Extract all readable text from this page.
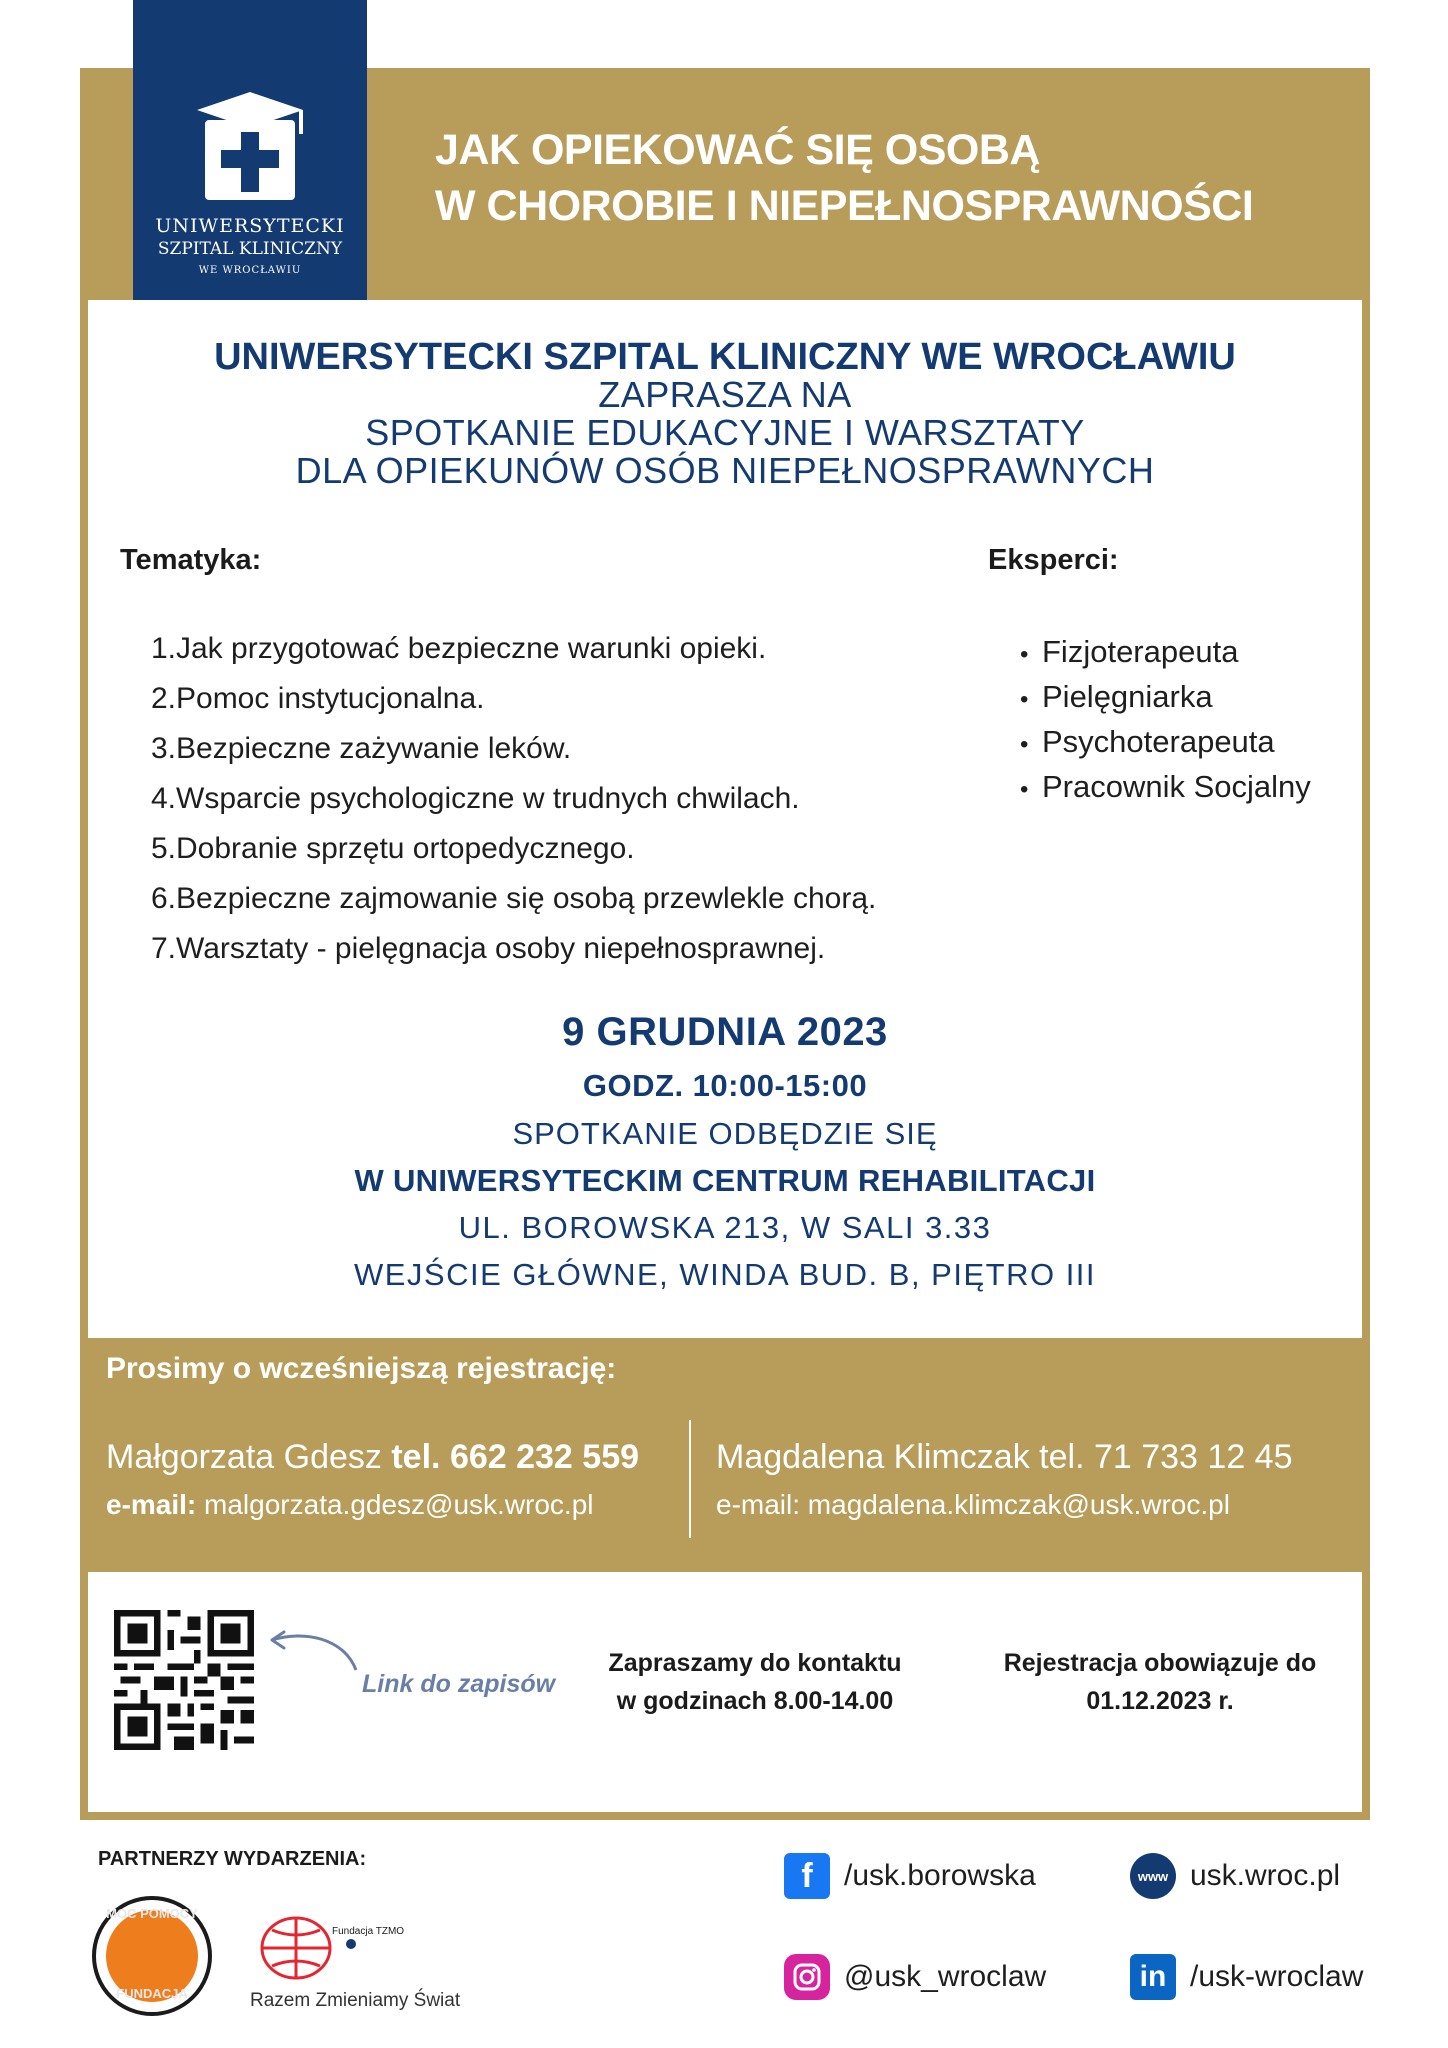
UNIWERSYTECKI
SZPITAL KLINICZNY
WE WROCŁAWIU
JAK OPIEKOWAĆ SIĘ OSOBĄ
W CHOROBIE I NIEPEŁNOSPRAWNOŚCI
UNIWERSYTECKI SZPITAL KLINICZNY WE WROCŁAWIU
ZAPRASZA NA
SPOTKANIE EDUKACYJNE I WARSZTATY
DLA OPIEKUNÓW OSÓB NIEPEŁNOSPRAWNYCH
Tematyka:
1.Jak przygotować bezpieczne warunki opieki.
2.Pomoc instytucjonalna.
3.Bezpieczne zażywanie leków.
4.Wsparcie psychologiczne w trudnych chwilach.
5.Dobranie sprzętu ortopedycznego.
6.Bezpieczne zajmowanie się osobą przewlekle chorą.
7.Warsztaty - pielęgnacja osoby niepełnosprawnej.
Eksperci:
• Fizjoterapeuta
• Pielęgniarka
• Psychoterapeuta
• Pracownik Socjalny
9 GRUDNIA 2023
GODZ. 10:00-15:00
SPOTKANIE ODBĘDZIE SIĘ
W UNIWERSYTECKIM CENTRUM REHABILITACJI
UL. BOROWSKA 213, W SALI 3.33
WEJŚCIE GŁÓWNE, WINDA BUD. B, PIĘTRO III
Prosimy o wcześniejszą rejestrację:
Małgorzata Gdesz tel. 662 232 559
e-mail: malgorzata.gdesz@usk.wroc.pl
Magdalena Klimczak tel. 71 733 12 45
e-mail: magdalena.klimczak@usk.wroc.pl
Link do zapisów
Zapraszamy do kontaktu
w godzinach 8.00-14.00
Rejestracja obowiązuje do
01.12.2023 r.
PARTNERZY WYDARZENIA:
MOC POMOCY
FUNDACJA
Fundacja TZMO
Razem Zmieniamy Świat
f	/usk.borowska	www usk.wroc.pl
@usk_wroclaw	in /usk-wroclaw
